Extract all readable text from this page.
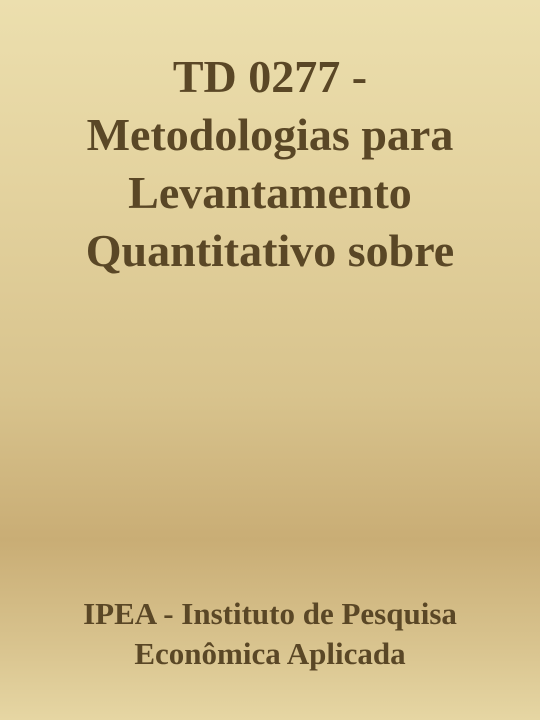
TD 0277 -
Metodologias para
Levantamento
Quantitativo sobre

IPEA - Instituto de Pesquisa
Econômica Aplicada
